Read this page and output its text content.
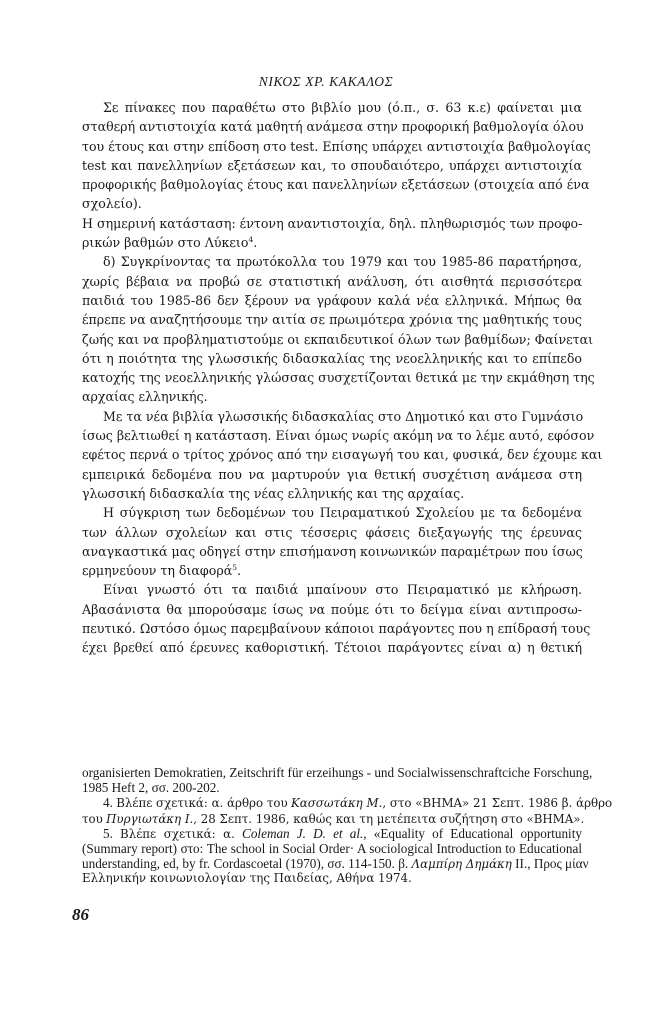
ΝΙΚΟΣ ΧΡ. ΚΑΚΑΛΟΣ
Σε πίνακες που παραθέτω στο βιβλίο μου (ό.π., σ. 63 κ.ε) φαίνεται μια
σταθερή αντιστοιχία κατά μαθητή ανάμεσα στην προφορική βαθμολογία όλου
του έτους και στην επίδοση στο test. Επίσης υπάρχει αντιστοιχία βαθμολογίας
test και πανελληνίων εξετάσεων και, το σπουδαιότερο, υπάρχει αντιστοιχία
προφορικής βαθμολογίας έτους και πανελληνίων εξετάσεων (στοιχεία από ένα
σχολείο).
Η σημερινή κατάσταση: έντονη αναντιστοιχία, δηλ. πληθωρισμός των προφο-
ρικών βαθμών στο Λύκειο$^4$.
δ) Συγκρίνοντας τα πρωτόκολλα του 1979 και του 1985-86 παρατήρησα,
χωρίς βέβαια να προβώ σε στατιστική ανάλυση, ότι αισθητά περισσότερα
παιδιά του 1985-86 δεν ξέρουν να γράφουν καλά νέα ελληνικά. Μήπως θα
έπρεπε να αναζητήσουμε την αιτία σε πρωιμότερα χρόνια της μαθητικής τους
ζωής και να προβληματιστούμε οι εκπαιδευτικοί όλων των βαθμίδων; Φαίνεται
ότι η ποιότητα της γλωσσικής διδασκαλίας της νεοελληνικής και το επίπεδο
κατοχής της νεοελληνικής γλώσσας συσχετίζονται θετικά με την εκμάθηση της
αρχαίας ελληνικής.
Με τα νέα βιβλία γλωσσικής διδασκαλίας στο Δημοτικό και στο Γυμνάσιο
ίσως βελτιωθεί η κατάσταση. Είναι όμως νωρίς ακόμη να το λέμε αυτό, εφόσον
εφέτος περνά ο τρίτος χρόνος από την εισαγωγή του και, φυσικά, δεν έχουμε και
εμπειρικά δεδομένα που να μαρτυρούν για θετική συσχέτιση ανάμεσα στη
γλωσσική διδασκαλία της νέας ελληνικής και της αρχαίας.
Η σύγκριση των δεδομένων του Πειραματικού Σχολείου με τα δεδομένα
των άλλων σχολείων και στις τέσσερις φάσεις διεξαγωγής της έρευνας
αναγκαστικά μας οδηγεί στην επισήμανση κοινωνικών παραμέτρων που ίσως
ερμηνεύουν τη διαφορά$^5$.
Είναι γνωστό ότι τα παιδιά μπαίνουν στο Πειραματικό με κλήρωση.
Αβασάνιστα θα μπορούσαμε ίσως να πούμε ότι το δείγμα είναι αντιπροσω-
πευτικό. Ωστόσο όμως παρεμβαίνουν κάποιοι παράγοντες που η επίδρασή τους
έχει βρεθεί από έρευνες καθοριστική. Τέτοιοι παράγοντες είναι α) η θετική
organisierten Demokratien, Zeitschrift für erzeihungs - und Socialwissenschraftciche Forschung,
1985 Heft 2, σσ. 200-202.
4. Βλέπε σχετικά: α. άρθρο του Κασσωτάκη Μ., στο «ΒΗΜΑ» 21 Σεπτ. 1986 β. άρθρο
του Πυργιωτάκη Ι., 28 Σεπτ. 1986, καθώς και τη μετέπειτα συζήτηση στο «ΒΗΜΑ».
5. Βλέπε σχετικά: α. Coleman J. D. et al., «Equality of Educational opportunity
(Summary report) στο: The school in Social Order· A sociological Introduction to Educational
understanding, ed, by fr. Cordascoetal (1970), σσ. 114-150. β. Λαμπίρη Δημάκη ΙΙ., Προς μίαν
Ελληνικήν κοινωνιολογίαν της Παιδείας, Αθήνα 1974.
86
